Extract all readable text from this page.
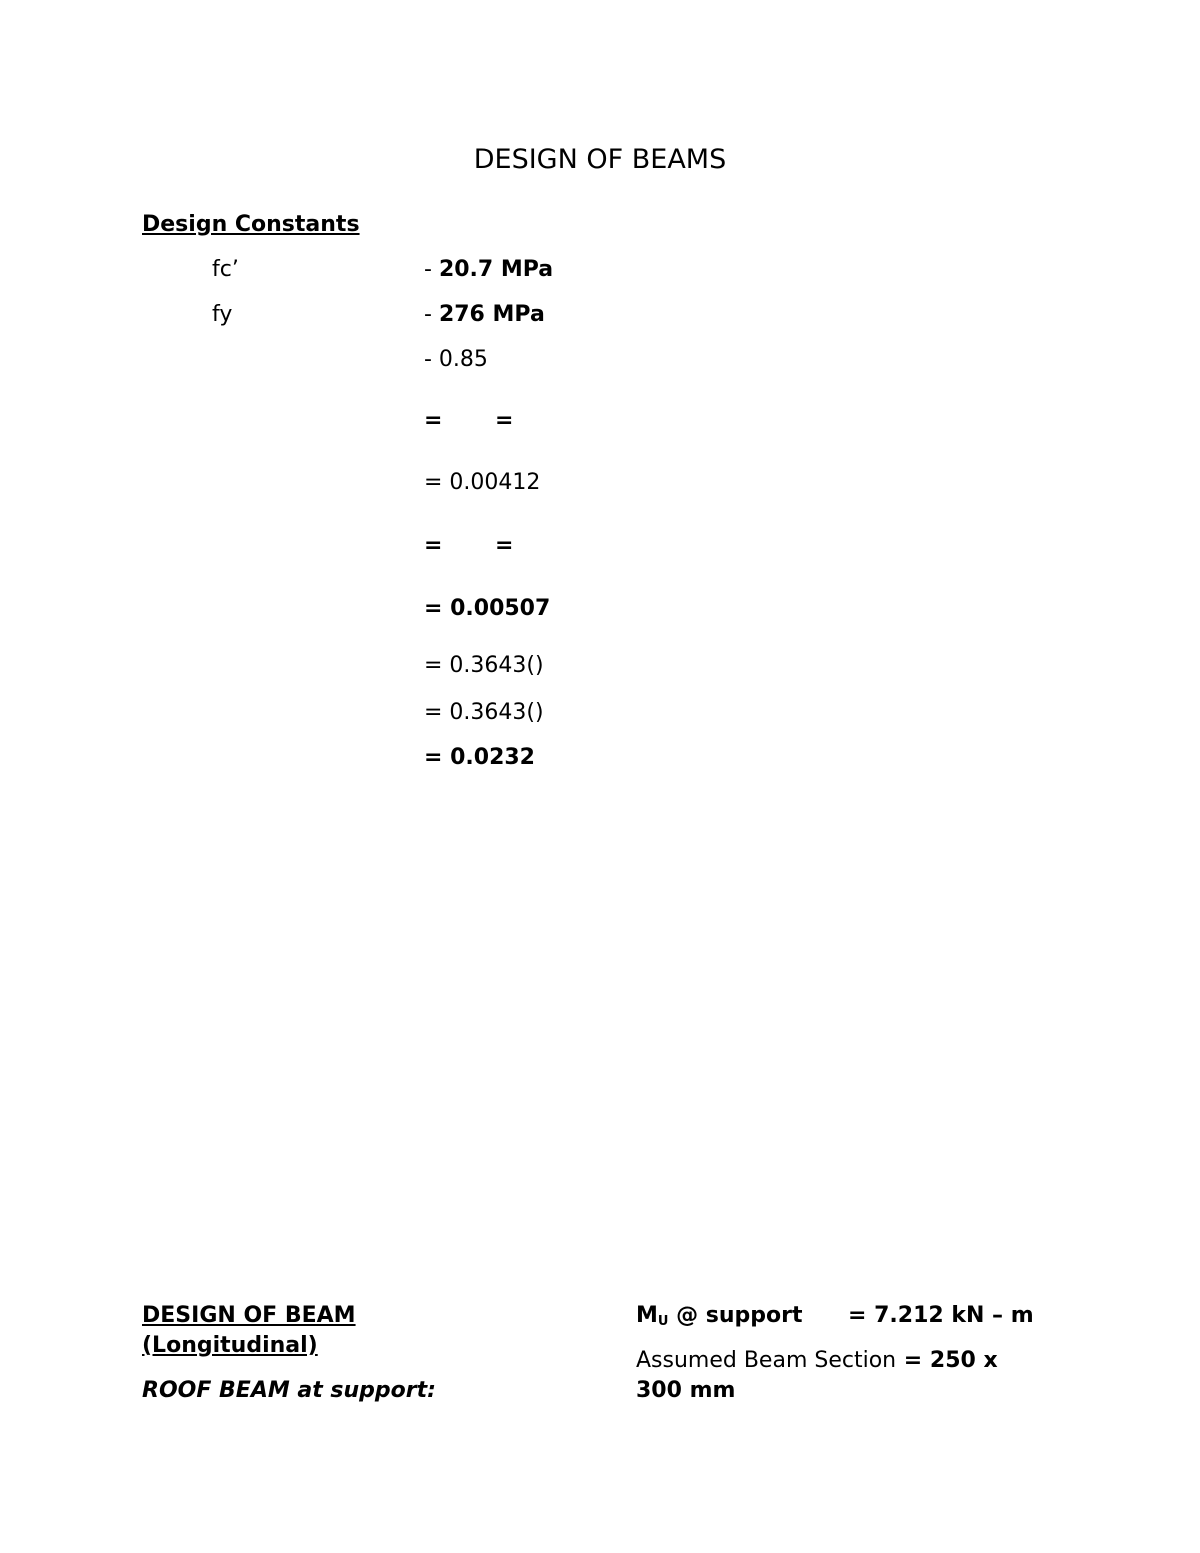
DESIGN OF BEAMS
Design Constants
fc’	- 20.7 MPa
fy	- 276 MPa
- 0.85
= =
= 0.00412
= =
= 0.00507
= 0.3643()
= 0.3643()
= 0.0232
DESIGN OF BEAM
(Longitudinal)
ROOF BEAM at support:
$M_U$ @ support = 7.212 kN – m
Assumed Beam Section = 250 x
300 mm
